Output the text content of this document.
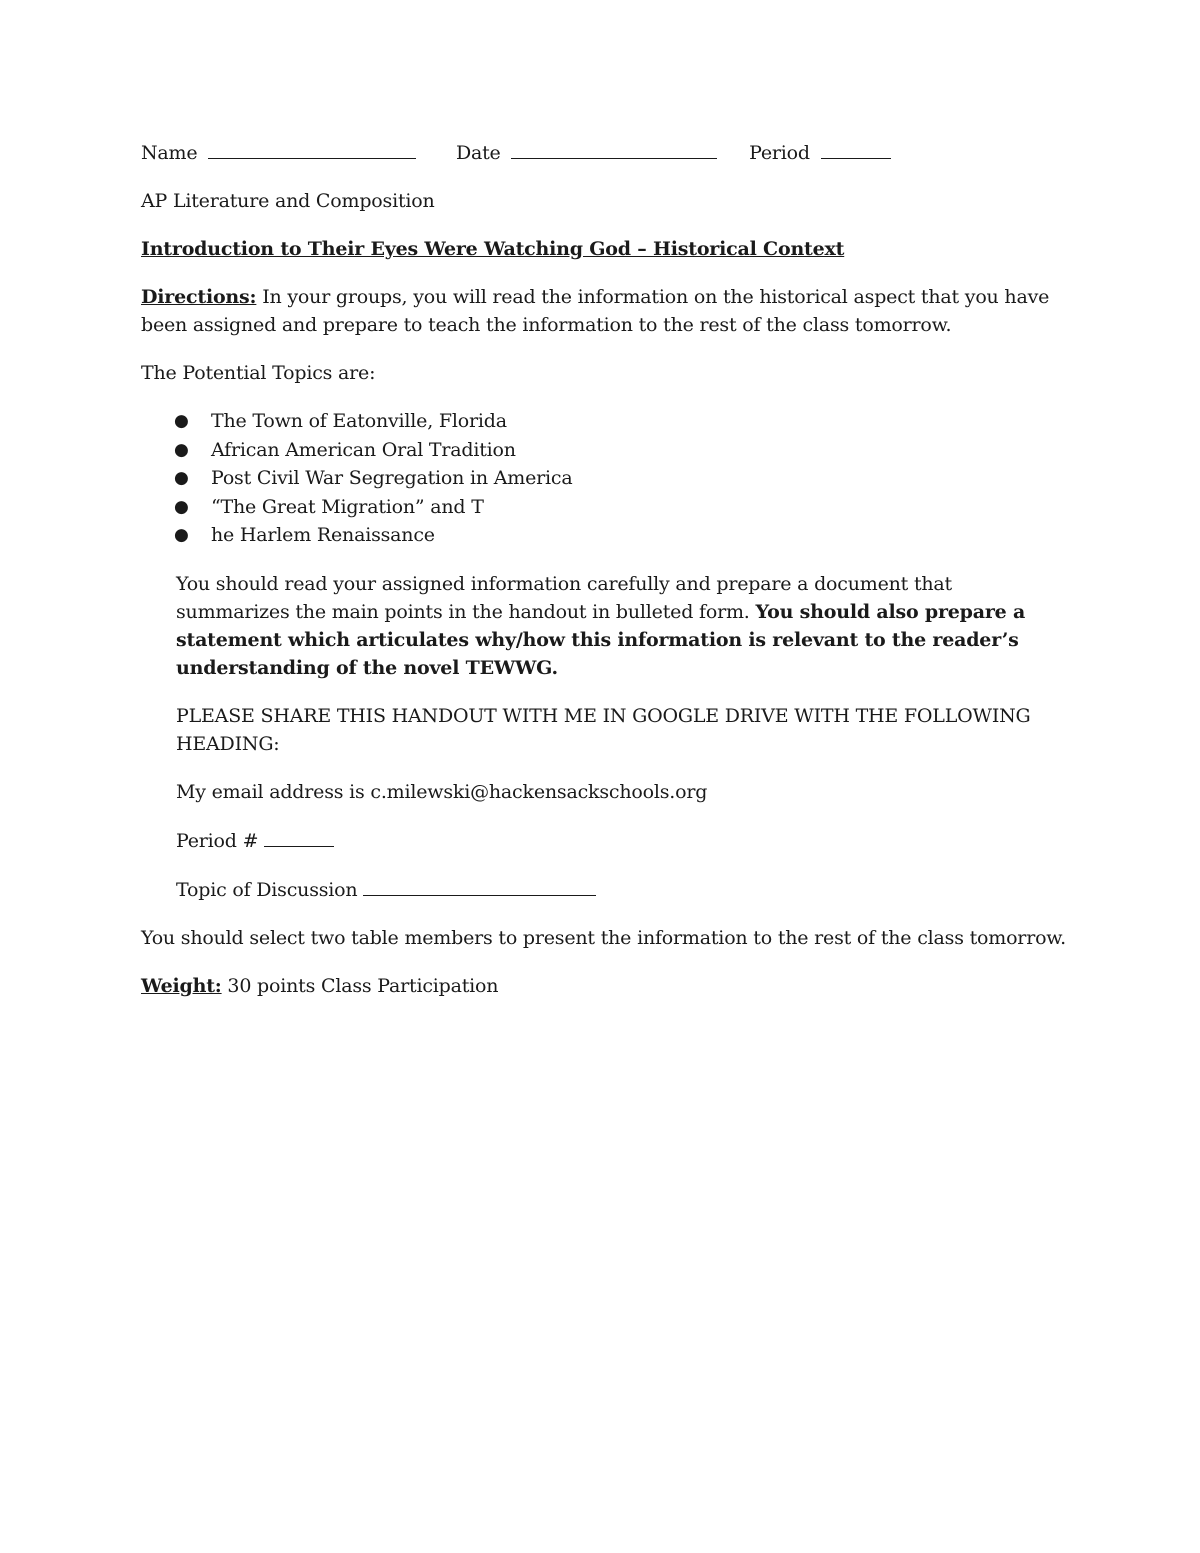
Name	Date	Period

AP Literature and Composition

Introduction to Their Eyes Were Watching God – Historical Context

Directions: In your groups, you will read the information on the historical aspect that you have been assigned and prepare to teach the information to the rest of the class tomorrow.

The Potential Topics are:

● The Town of Eatonville, Florida
● African American Oral Tradition
● Post Civil War Segregation in America
● “The Great Migration” and T
● he Harlem Renaissance

You should read your assigned information carefully and prepare a document that summarizes the main points in the handout in bulleted form. You should also prepare a statement which articulates why/how this information is relevant to the reader’s understanding of the novel TEWWG.

PLEASE SHARE THIS HANDOUT WITH ME IN GOOGLE DRIVE WITH THE FOLLOWING HEADING:

My email address is c.milewski@hackensackschools.org

Period #

Topic of Discussion

You should select two table members to present the information to the rest of the class tomorrow.

Weight: 30 points Class Participation
